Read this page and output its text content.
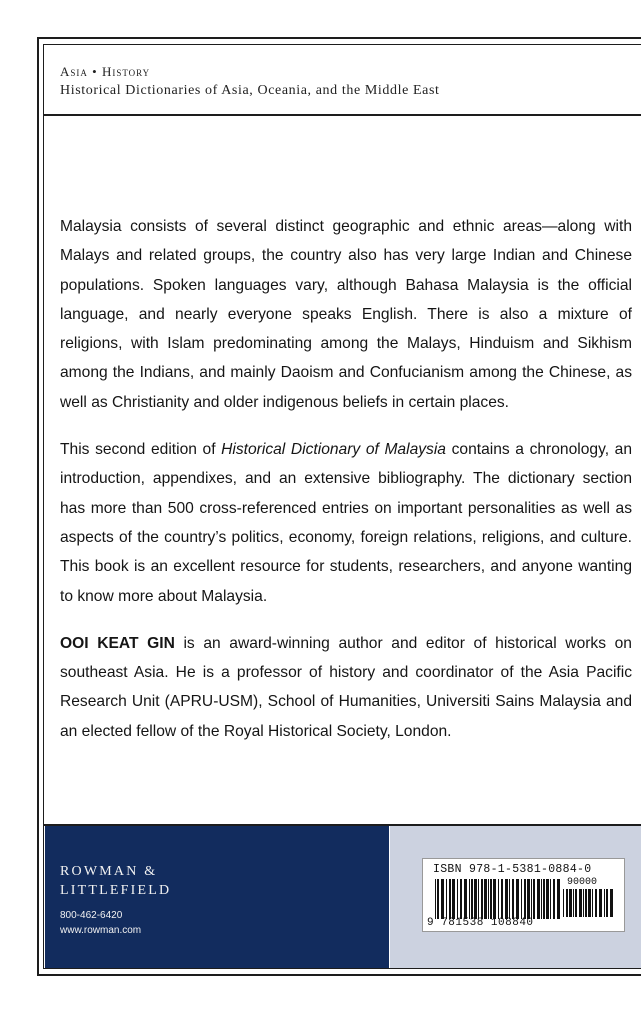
Asia • History
Historical Dictionaries of Asia, Oceania, and the Middle East

Malaysia consists of several distinct geographic and ethnic areas—along with Malays and related groups, the country also has very large Indian and Chinese populations. Spoken languages vary, although Bahasa Malaysia is the official language, and nearly everyone speaks English. There is also a mixture of religions, with Islam predominating among the Malays, Hinduism and Sikhism among the Indians, and mainly Daoism and Confucianism among the Chinese, as well as Christianity and older indigenous beliefs in certain places.

This second edition of Historical Dictionary of Malaysia contains a chronology, an introduction, appendixes, and an extensive bibliography. The dictionary section has more than 500 cross-referenced entries on important personalities as well as aspects of the country’s politics, economy, foreign relations, religions, and culture. This book is an excellent resource for students, researchers, and anyone wanting to know more about Malaysia.

OOI KEAT GIN is an award-winning author and editor of historical works on southeast Asia. He is a professor of history and coordinator of the Asia Pacific Research Unit (APRU-USM), School of Humanities, Universiti Sains Malaysia and an elected fellow of the Royal Historical Society, London.

ROWMAN &
LITTLEFIELD
800-462-6420
www.rowman.com
ISBN 978-1-5381-0884-0
90000
9 781538 108840
